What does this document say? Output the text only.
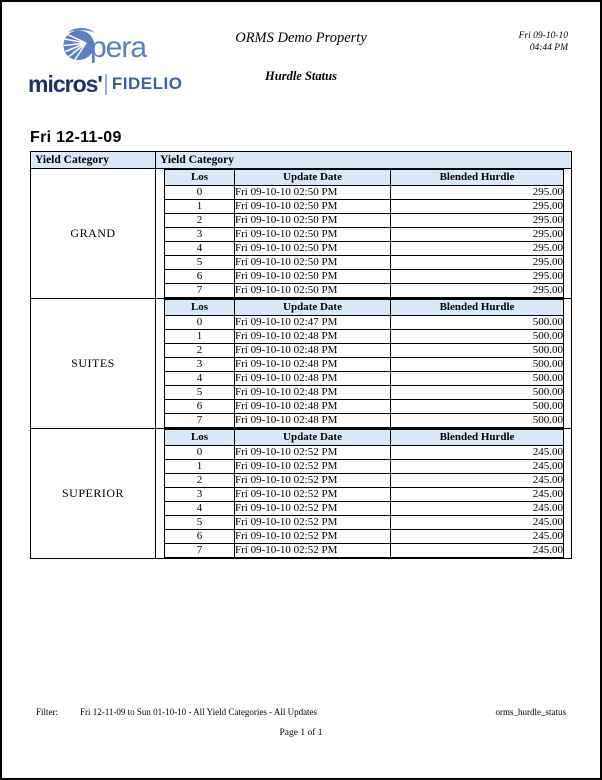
pera
micros' FIDELIO
ORMS Demo Property
Hurdle Status
Fri 09-10-10
04:44 PM
Fri 12-11-09
Yield Category	Yield Category
GRAND	
Los	Update Date	Blended Hurdle
0	Fri 09-10-10 02:50 PM	295.00
1	Fri 09-10-10 02:50 PM	295.00
2	Fri 09-10-10 02:50 PM	295.00
3	Fri 09-10-10 02:50 PM	295.00
4	Fri 09-10-10 02:50 PM	295.00
5	Fri 09-10-10 02:50 PM	295.00
6	Fri 09-10-10 02:50 PM	295.00
7	Fri 09-10-10 02:50 PM	295.00

SUITES	
Los	Update Date	Blended Hurdle
0	Fri 09-10-10 02:47 PM	500.00
1	Fri 09-10-10 02:48 PM	500.00
2	Fri 09-10-10 02:48 PM	500.00
3	Fri 09-10-10 02:48 PM	500.00
4	Fri 09-10-10 02:48 PM	500.00
5	Fri 09-10-10 02:48 PM	500.00
6	Fri 09-10-10 02:48 PM	500.00
7	Fri 09-10-10 02:48 PM	500.00

SUPERIOR	
Los	Update Date	Blended Hurdle
0	Fri 09-10-10 02:52 PM	245.00
1	Fri 09-10-10 02:52 PM	245.00
2	Fri 09-10-10 02:52 PM	245.00
3	Fri 09-10-10 02:52 PM	245.00
4	Fri 09-10-10 02:52 PM	245.00
5	Fri 09-10-10 02:52 PM	245.00
6	Fri 09-10-10 02:52 PM	245.00
7	Fri 09-10-10 02:52 PM	245.00
Filter:	Fri 12-11-09 to Sun 01-10-10 - All Yield Categories - All Updates	orms_hurdle_status
Page 1 of 1
